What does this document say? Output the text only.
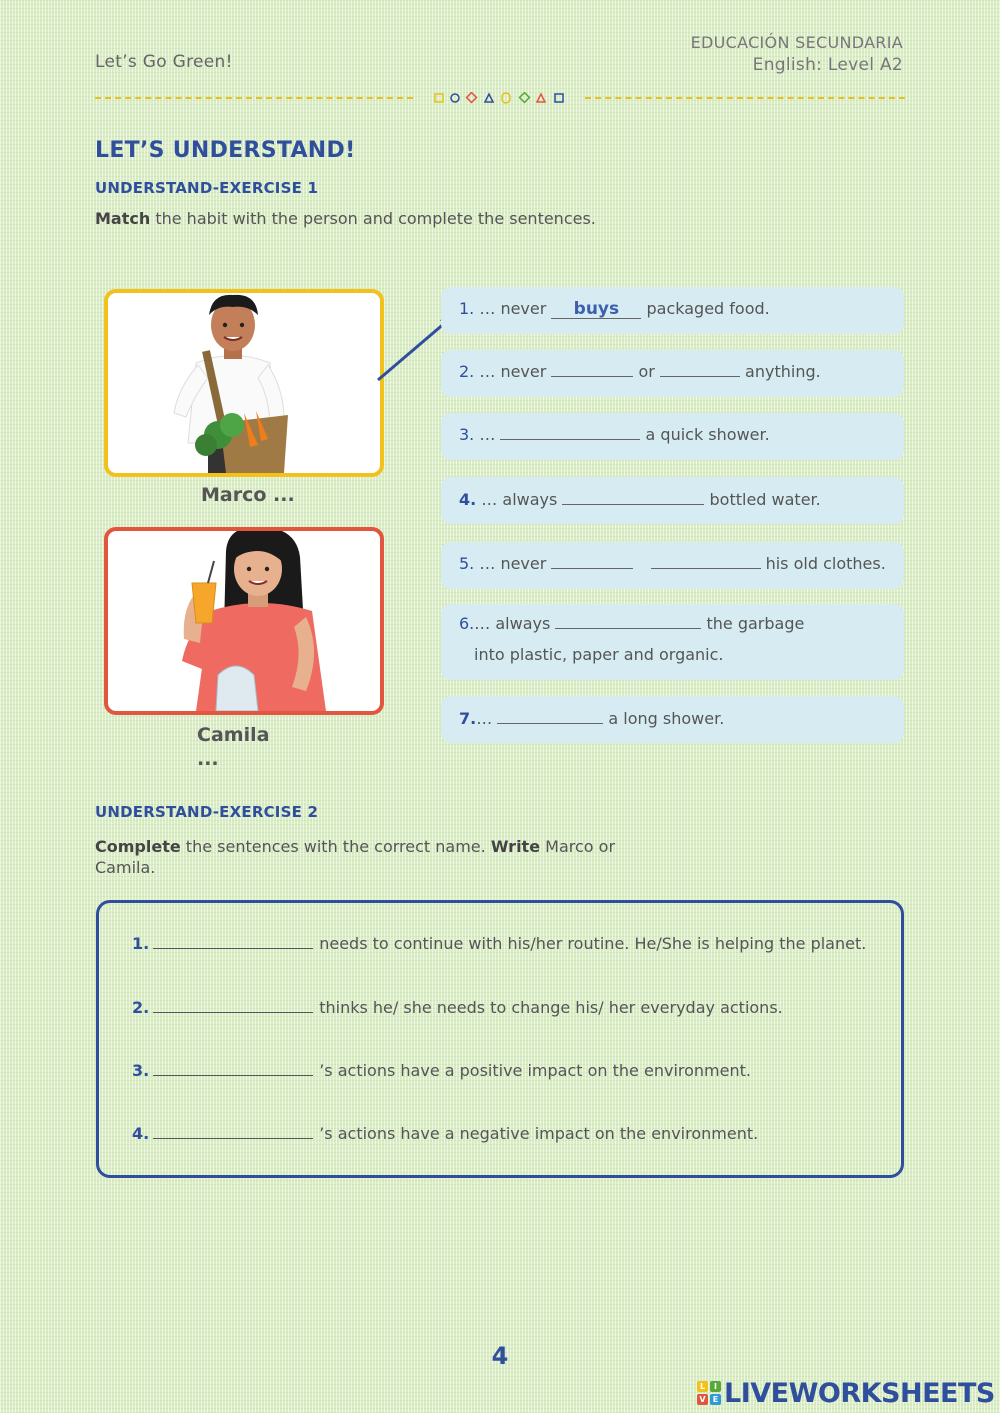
Let’s Go Green!
EDUCACIÓN SECUNDARIA
English: Level A2
LET’S UNDERSTAND!
UNDERSTAND-EXERCISE 1
Match the habit with the person and complete the sentences.
Marco ...
Camila
...
1. … never buys packaged food.
2. … never	or	anything.
3. …	a quick shower.
4. … always	bottled water.
5. … never	his old clothes.
6.… always	the garbage
into plastic, paper and organic.
7.…	a long shower.
UNDERSTAND-EXERCISE 2
Complete the sentences with the correct name. Write Marco or
Camila.
1.	needs to continue with his/her routine. He/She is helping the planet.
2.	thinks he/ she needs to change his/ her everyday actions.
3.	’s actions have a positive impact on the environment.
4.	’s actions have a negative impact on the environment.
4
L	I
V E LIVEWORKSHEETS
